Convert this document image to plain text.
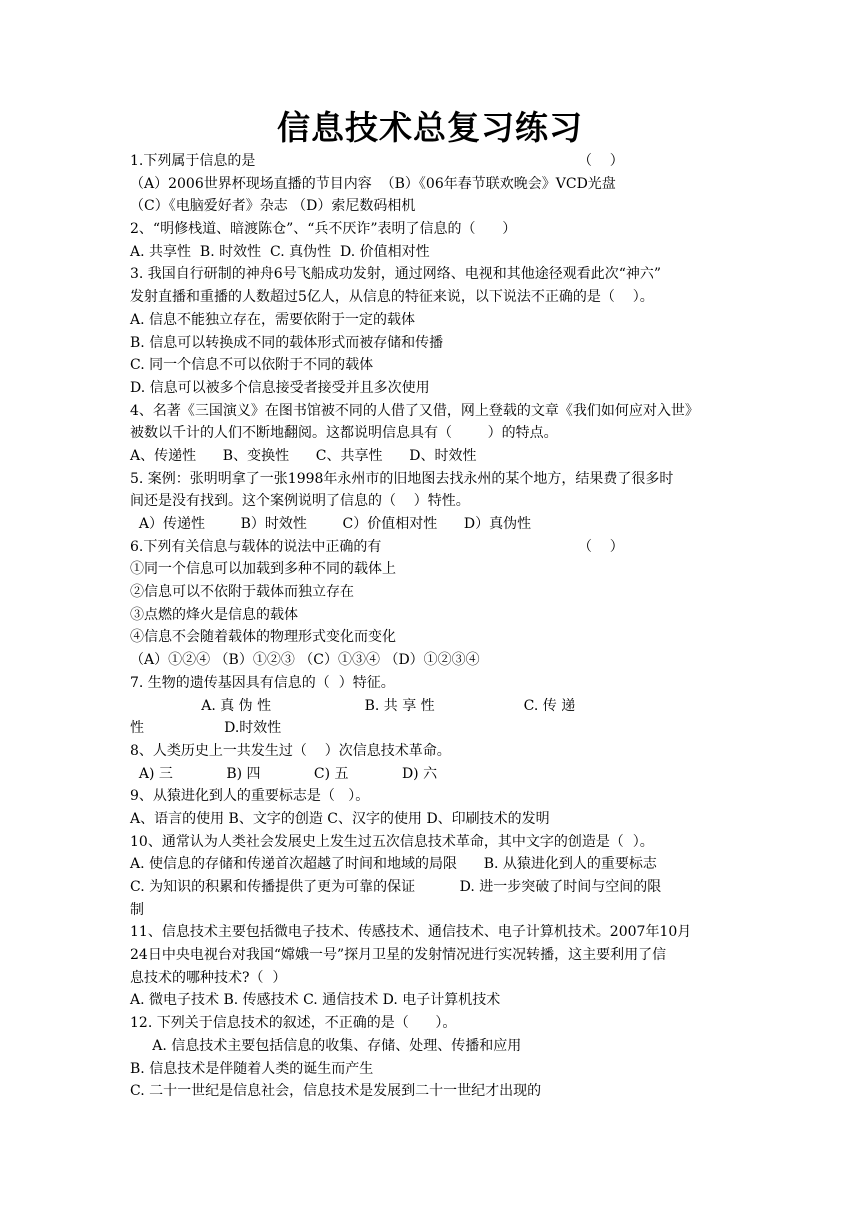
信息技术总复习练习
1.下列属于信息的是
（A）2006世界杯现场直播的节目内容  （B）《06年春节联欢晚会》VCD光盘
（C）《电脑爱好者》杂志 （D）索尼数码相机
2、“明修栈道、暗渡陈仓”、“兵不厌诈”表明了信息的（      ）
A. 共享性  B. 时效性  C. 真伪性  D. 价值相对性
3. 我国自行研制的神舟6号飞船成功发射，通过网络、电视和其他途径观看此次“神六”
发射直播和重播的人数超过5亿人，从信息的特征来说，以下说法不正确的是（    ）。
A. 信息不能独立存在，需要依附于一定的载体
B. 信息可以转换成不同的载体形式而被存储和传播
C. 同一个信息不可以依附于不同的载体
D. 信息可以被多个信息接受者接受并且多次使用
4、名著《三国演义》在图书馆被不同的人借了又借，网上登载的文章《我们如何应对入世》
被数以千计的人们不断地翻阅。这都说明信息具有（        ）的特点。
A、传递性      B、变换性      C、共享性      D、时效性
5. 案例：张明明拿了一张1998年永州市的旧地图去找永州的某个地方，结果费了很多时
间还是没有找到。这个案例说明了信息的（    ）特性。
A）传递性        B）时效性        C）价值相对性      D）真伪性
6.下列有关信息与载体的说法中正确的有
①同一个信息可以加载到多种不同的载体上
②信息可以不依附于载体而独立存在
③点燃的烽火是信息的载体
④信息不会随着载体的物理形式变化而变化
（A）①②④ （B）①②③ （C）①③④ （D）①②③④
7. 生物的遗传基因具有信息的（  ）特征。
A. 真 伪 性                     B. 共 享 性                    C. 传 递
性                  D.时效性
8、人类历史上一共发生过（    ）次信息技术革命。
A) 三            B) 四            C) 五            D) 六
9、从猿进化到人的重要标志是（   ）。
A、语言的使用 B、文字的创造 C、汉字的使用 D、印刷技术的发明
10、通常认为人类社会发展史上发生过五次信息技术革命，其中文字的创造是（  ）。
A. 使信息的存储和传递首次超越了时间和地域的局限      B. 从猿进化到人的重要标志
C. 为知识的积累和传播提供了更为可靠的保证          D. 进一步突破了时间与空间的限
制
11、信息技术主要包括微电子技术、传感技术、通信技术、电子计算机技术。2007年10月
24日中央电视台对我国“嫦娥一号”探月卫星的发射情况进行实况转播，这主要利用了信
息技术的哪种技术?（  ）
A. 微电子技术 B. 传感技术 C. 通信技术 D. 电子计算机技术
12. 下列关于信息技术的叙述，不正确的是（      ）。
A. 信息技术主要包括信息的收集、存储、处理、传播和应用
B. 信息技术是伴随着人类的诞生而产生
C. 二十一世纪是信息社会，信息技术是发展到二十一世纪才出现的
（    ）
（    ）
